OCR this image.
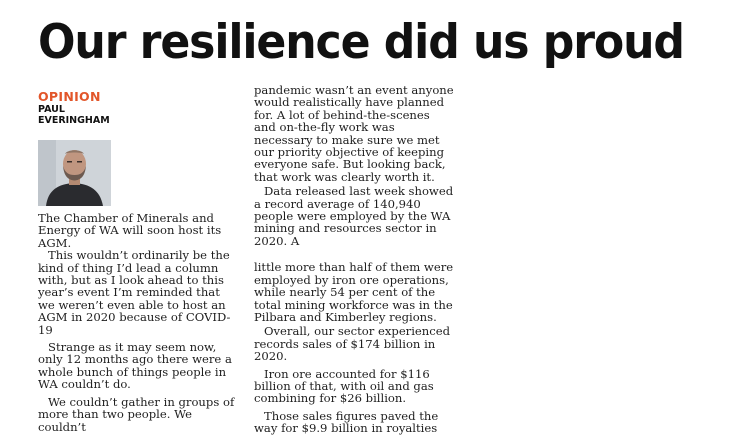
Our resilience did us proud
OPINION
PAUL
EVERINGHAM

The Chamber of Minerals and Energy of WA will soon host its AGM.

This wouldn’t ordinarily be the kind of thing I’d lead a column with, but as I look ahead to this year’s event I’m reminded that we weren’t even able to host an AGM in 2020 because of COVID-19

Strange as it may seem now, only 12 months ago there were a whole bunch of things people in WA couldn’t do.

We couldn’t gather in groups of more than two people. We couldn’t

pandemic wasn’t an event anyone would realistically have planned for. A lot of behind-the-scenes and on-the-fly work was necessary to make sure we met our priority objective of keeping everyone safe. But looking back, that work was clearly worth it.

Data released last week showed a record average of 140,940 people were employed by the WA mining and resources sector in 2020. A

little more than half of them were employed by iron ore operations, while nearly 54 per cent of the total mining workforce was in the Pilbara and Kimberley regions.

Overall, our sector experienced records sales of $174 billion in 2020.

Iron ore accounted for $116 billion of that, with oil and gas combining for $26 billion.

Those sales figures paved the way for $9.9 billion in royalties
